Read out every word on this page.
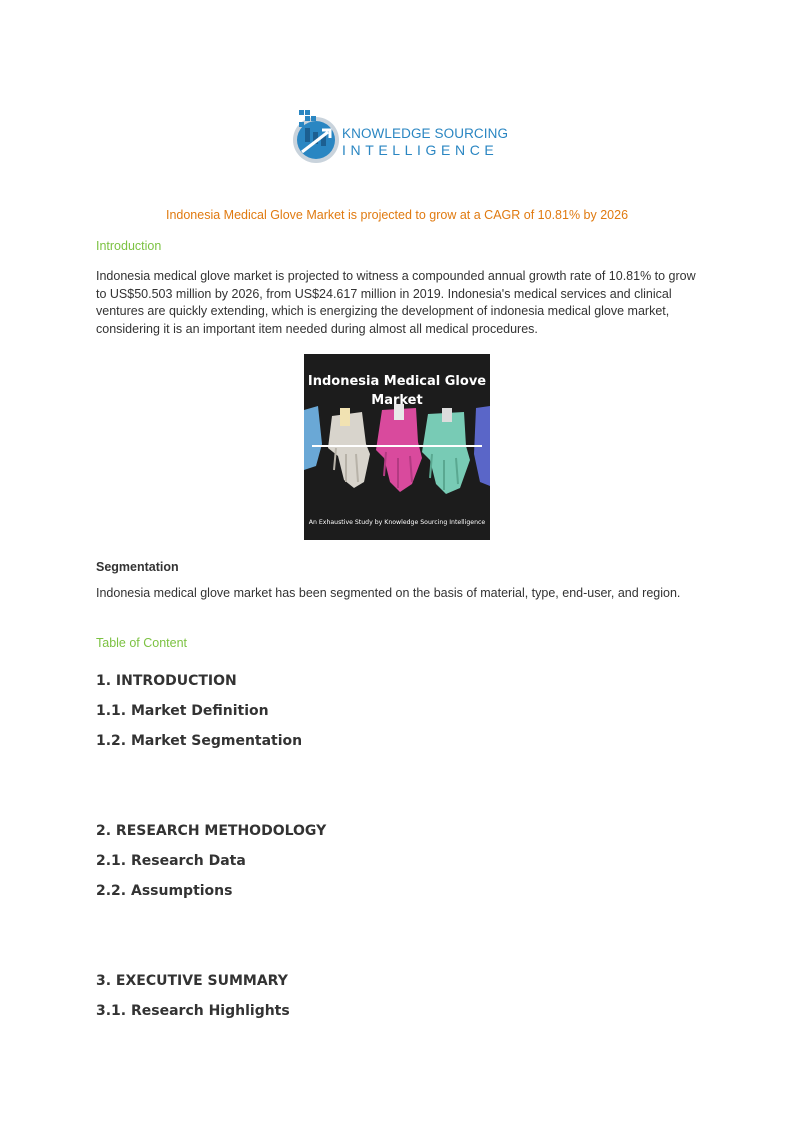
KNOWLEDGE SOURCING
INTELLIGENCE
Indonesia Medical Glove Market is projected to grow at a CAGR of 10.81% by 2026
Introduction
Indonesia medical glove market is projected to witness a compounded annual growth rate of 10.81% to grow to US$50.503 million by 2026, from US$24.617 million in 2019. Indonesia's medical services and clinical ventures are quickly extending, which is energizing the development of indonesia medical glove market, considering it is an important item needed during almost all medical procedures.
Indonesia Medical Glove Market
An Exhaustive Study by Knowledge Sourcing Intelligence
Segmentation
Indonesia medical glove market has been segmented on the basis of material, type, end-user, and region.
Table of Content
1. INTRODUCTION
1.1. Market Definition
1.2. Market Segmentation
2. RESEARCH METHODOLOGY
2.1. Research Data
2.2. Assumptions
3. EXECUTIVE SUMMARY
3.1. Research Highlights
